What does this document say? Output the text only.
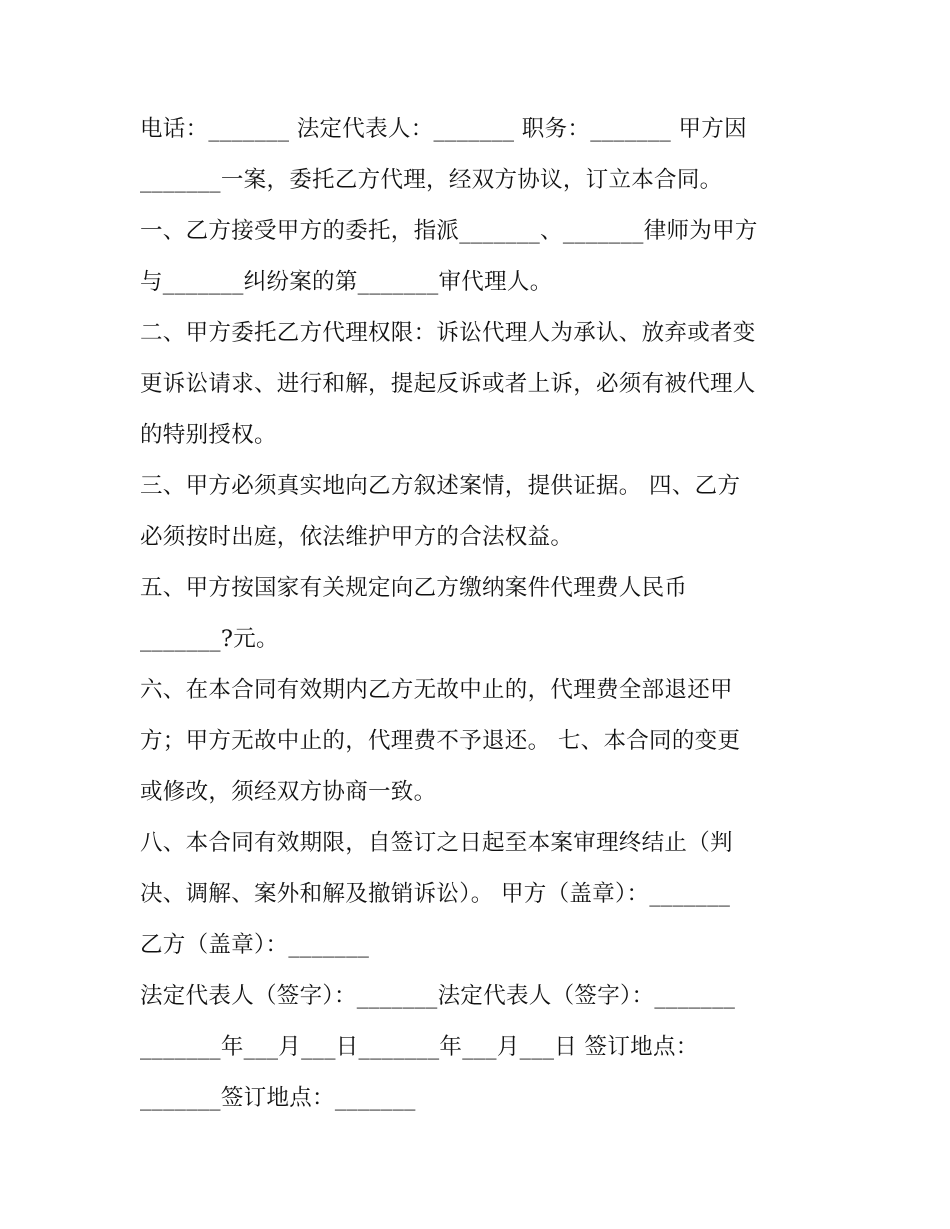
电话：_______ 法定代表人：_______ 职务：_______ 甲方因
_______一案，委托乙方代理，经双方协议，订立本合同。
一、乙方接受甲方的委托，指派_______、_______律师为甲方
与_______纠纷案的第_______审代理人。
二、甲方委托乙方代理权限：诉讼代理人为承认、放弃或者变
更诉讼请求、进行和解，提起反诉或者上诉，必须有被代理人
的特别授权。
三、甲方必须真实地向乙方叙述案情，提供证据。 四、乙方
必须按时出庭，依法维护甲方的合法权益。
五、甲方按国家有关规定向乙方缴纳案件代理费人民币
_______?元。
六、在本合同有效期内乙方无故中止的，代理费全部退还甲
方；甲方无故中止的，代理费不予退还。 七、本合同的变更
或修改，须经双方协商一致。
八、本合同有效期限，自签订之日起至本案审理终结止（判
决、调解、案外和解及撤销诉讼）。 甲方（盖章）：_______
乙方（盖章）：_______
法定代表人（签字）：_______法定代表人（签字）：_______
_______年___月___日_______年___月___日 签订地点：
_______签订地点：_______
